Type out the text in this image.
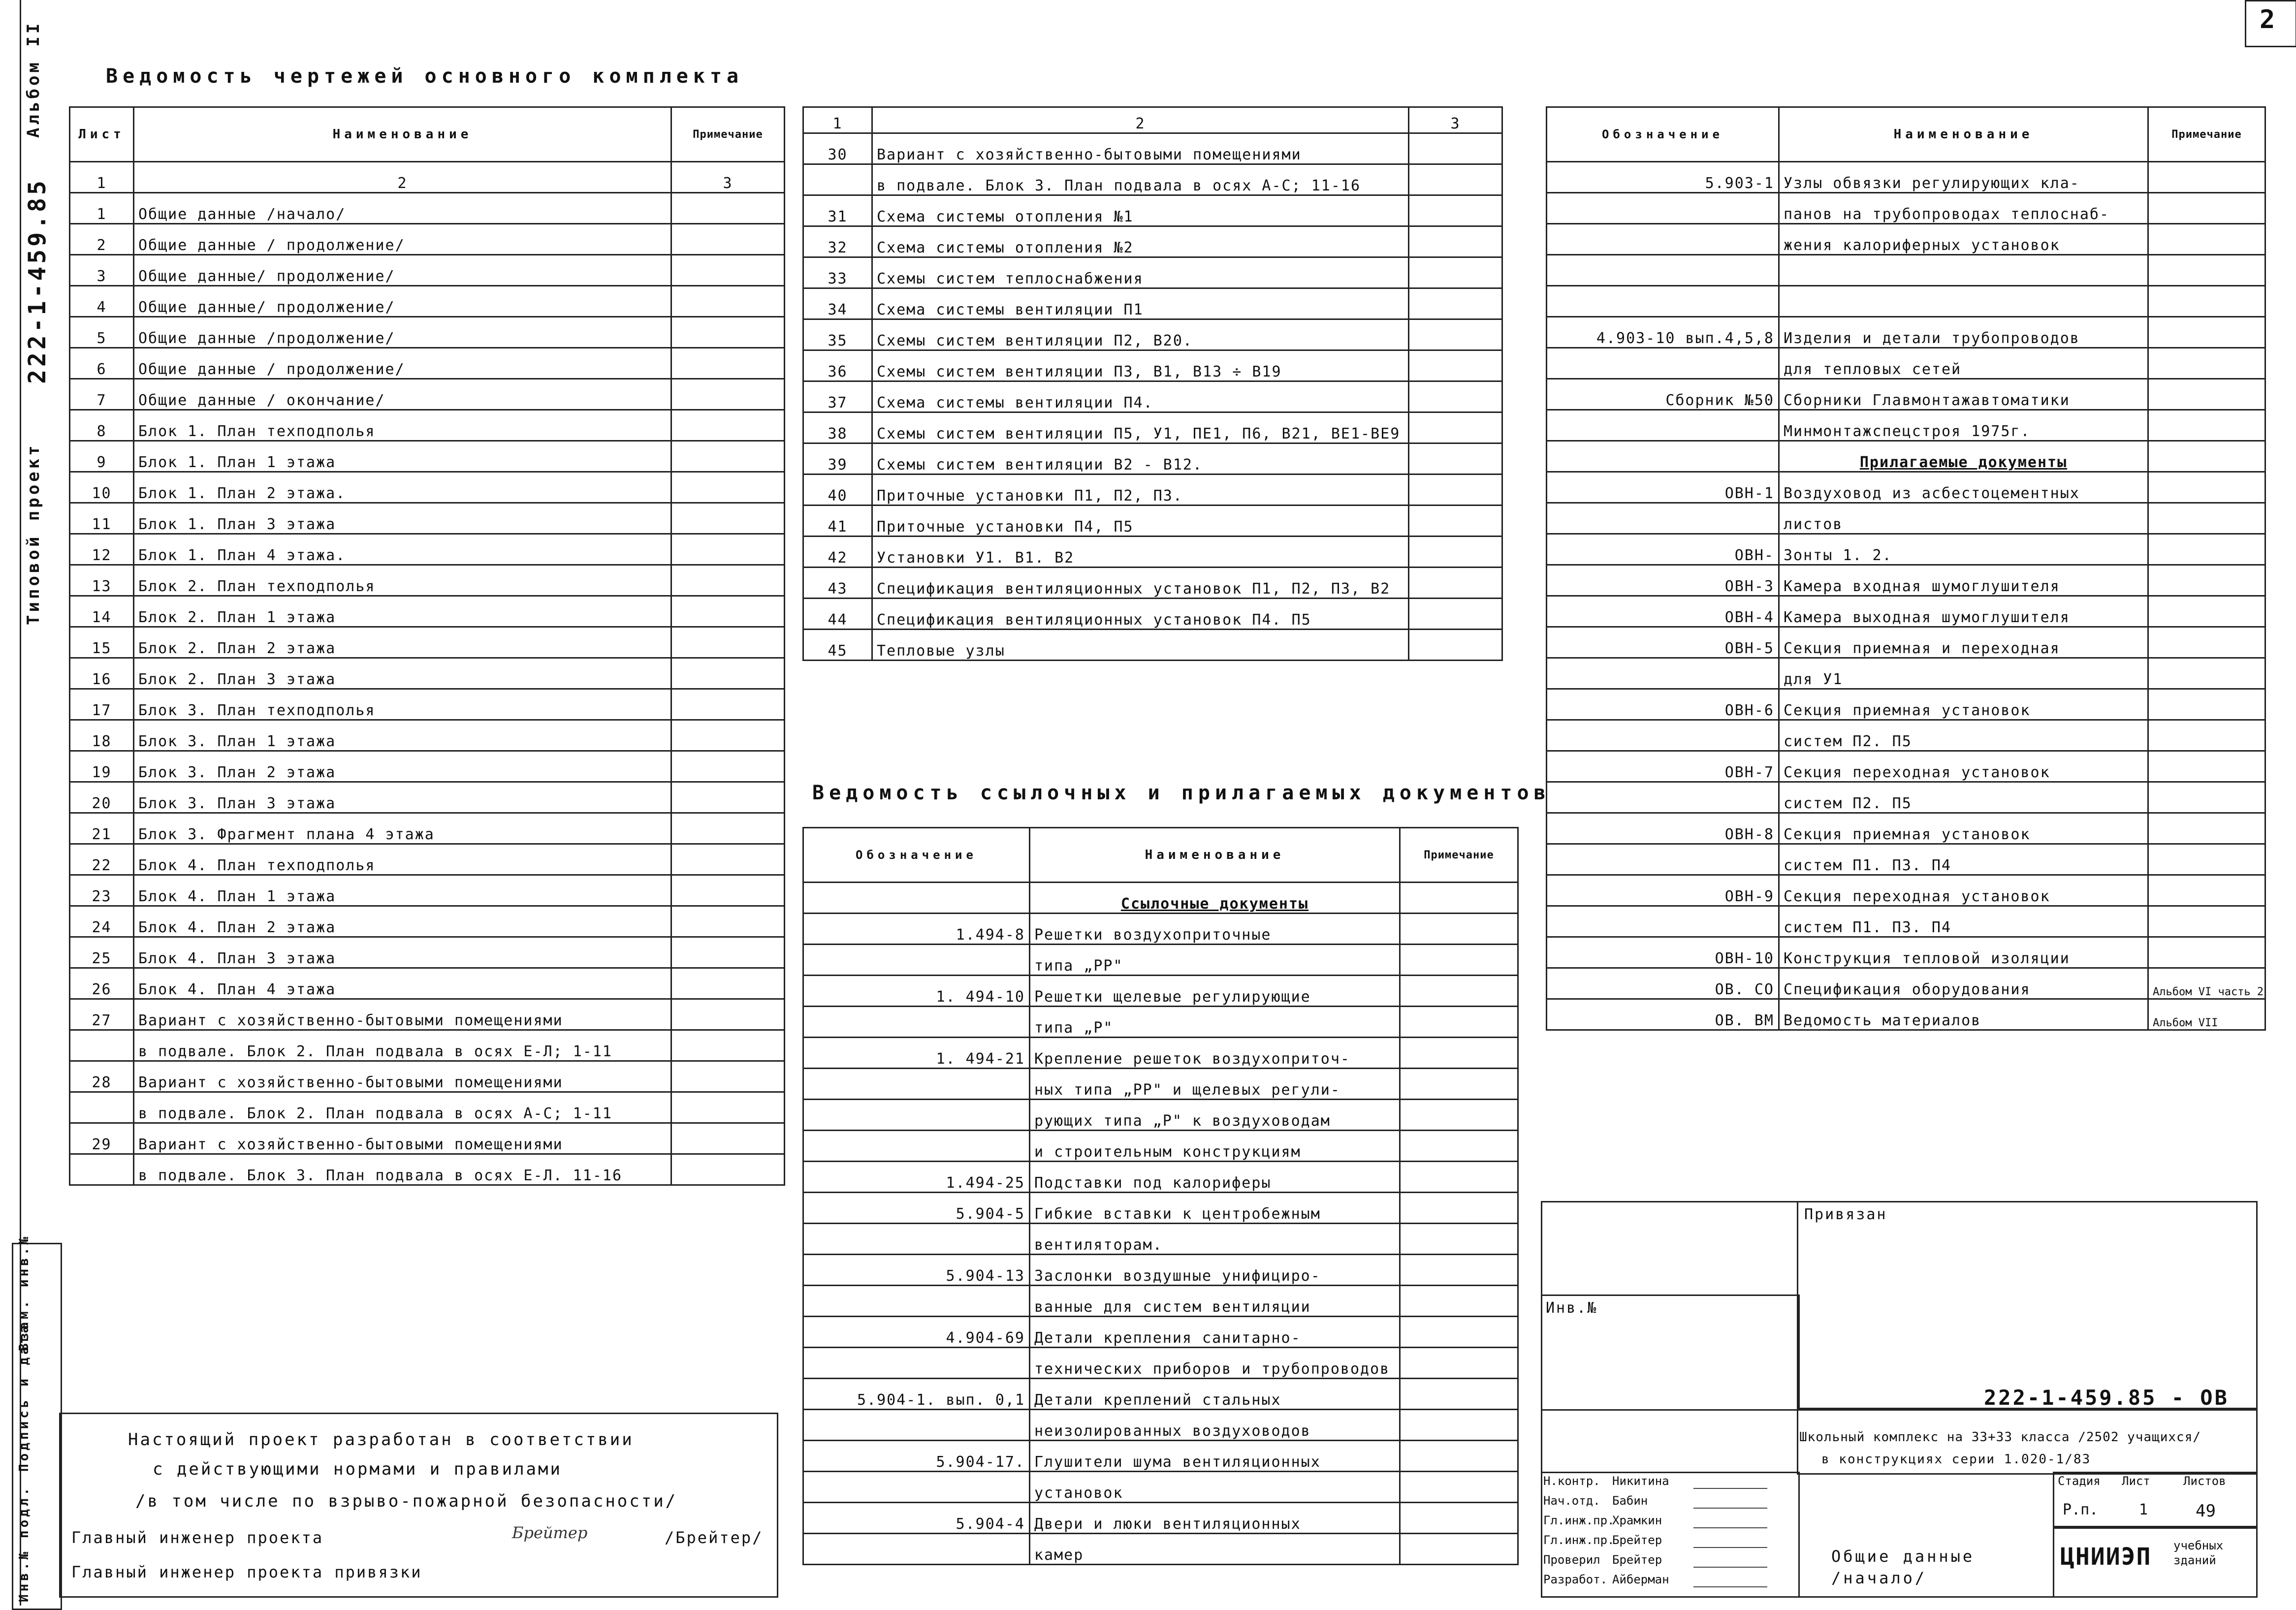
2
Альбом II
222-1-459.85
Типовой проект
Инв.№ подл.
Подпись и дата
Взам. инв.№
Ведомость чертежей основного комплекта
Ведомость ссылочных и прилагаемых документов
Лист	Наименование	Примечание
1	2	3
1	Общие данные /начало/	
2	Общие данные / продолжение/	
3	Общие данные/ продолжение/	
4	Общие данные/ продолжение/	
5	Общие данные /продолжение/	
6	Общие данные / продолжение/	
7	Общие данные / окончание/	
8	Блок 1. План техподполья	
9	Блок 1. План 1 этажа	
10	Блок 1. План 2 этажа.	
11	Блок 1. План 3 этажа	
12	Блок 1. План 4 этажа.	
13	Блок 2. План техподполья	
14	Блок 2. План 1 этажа	
15	Блок 2. План 2 этажа	
16	Блок 2. План 3 этажа	
17	Блок 3. План техподполья	
18	Блок 3. План 1 этажа	
19	Блок 3. План 2 этажа	
20	Блок 3. План 3 этажа	
21	Блок 3. Фрагмент плана 4 этажа	
22	Блок 4. План техподполья	
23	Блок 4. План 1 этажа	
24	Блок 4. План 2 этажа	
25	Блок 4. План 3 этажа	
26	Блок 4. План 4 этажа	
27	Вариант с хозяйственно-бытовыми помещениями	
	в подвале. Блок 2. План подвала в осях Е-Л; 1-11	
28	Вариант с хозяйственно-бытовыми помещениями	
	в подвале. Блок 2. План подвала в осях А-С; 1-11	
29	Вариант с хозяйственно-бытовыми помещениями	
	в подвале. Блок 3. План подвала в осях Е-Л. 11-16	
1	2	3
30	Вариант с хозяйственно-бытовыми помещениями	
	в подвале. Блок 3. План подвала в осях А-С; 11-16	
31	Схема системы отопления №1	
32	Схема системы отопления №2	
33	Схемы систем теплоснабжения	
34	Схема системы вентиляции П1	
35	Схемы систем вентиляции П2, В20.	
36	Схемы систем вентиляции П3, В1, В13 ÷ В19	
37	Схема системы вентиляции П4.	
38	Схемы систем вентиляции П5, У1, ПЕ1, П6, В21, ВЕ1-ВЕ9	
39	Схемы систем вентиляции В2 - В12.	
40	Приточные установки П1, П2, П3.	
41	Приточные установки П4, П5	
42	Установки У1. В1. В2	
43	Спецификация вентиляционных установок П1, П2, П3, В2	
44	Спецификация вентиляционных установок П4. П5	
45	Тепловые узлы	
Обозначение	Наименование	Примечание
	Ссылочные документы	
1.494-8	Решетки воздухоприточные	
	типа „РР"	
1. 494-10	Решетки щелевые регулирующие	
	типа „Р"	
1. 494-21	Крепление решеток воздухоприточ-	
	ных типа „РР" и щелевых регули-	
	рующих типа „Р" к воздуховодам	
	и строительным конструкциям	
1.494-25	Подставки под калориферы	
5.904-5	Гибкие вставки к центробежным	
	вентиляторам.	
5.904-13	Заслонки воздушные унифициро-	
	ванные для систем вентиляции	
4.904-69	Детали крепления санитарно-	
	технических приборов и трубопроводов	
5.904-1. вып. 0,1	Детали креплений стальных	
	неизолированных воздуховодов	
5.904-17.	Глушители шума вентиляционных	
	установок	
5.904-4	Двери и люки вентиляционных	
	камер	
Обозначение	Наименование	Примечание
5.903-1	Узлы обвязки регулирующих кла-	
	панов на трубопроводах теплоснаб-	
	жения калориферных установок	

4.903-10 вып.4,5,8	Изделия и детали трубопроводов	
	для тепловых сетей	
Сборник №50	Сборники Главмонтажавтоматики	
	Минмонтажспецстроя 1975г.	
	Прилагаемые документы	
ОВН-1	Воздуховод из асбестоцементных	
	листов	
ОВН-	Зонты 1. 2.	
ОВН-3	Камера входная шумоглушителя	
ОВН-4	Камера выходная шумоглушителя	
ОВН-5	Секция приемная и переходная	
	для У1	
ОВН-6	Секция приемная установок	
	систем П2. П5	
ОВН-7	Секция переходная установок	
	систем П2. П5	
ОВН-8	Секция приемная установок	
	систем П1. П3. П4	
ОВН-9	Секция переходная установок	
	систем П1. П3. П4	
ОВН-10	Конструкция тепловой изоляции	
ОВ. СО	Спецификация оборудования	Альбом VI часть 2
ОВ. ВМ	Ведомость материалов	Альбом VII
Настоящий проект разработан в соответствии
с действующими нормами и правилами
/в том числе по взрыво-пожарной безопасности/
Главный инженер проекта	Брейтер	/Брейтер/
Главный инженер проекта привязки
Привязан
Инв.№
222-1-459.85 - ОВ
Школьный комплекс на 33+33 класса /2502 учащихся/
в конструкциях серии 1.020-1/83
Н.контр. Никитина
Нач.отд. Бабин
Гл.инж.пр.
Храмкин
Гл.инж.пр.
Брейтер
Проверил Брейтер
Разработ. Айберман
Стадия Лист	Листов
Р.п.	1	49
Общие данные /начало/
ЦНИИЭП учебных зданий
